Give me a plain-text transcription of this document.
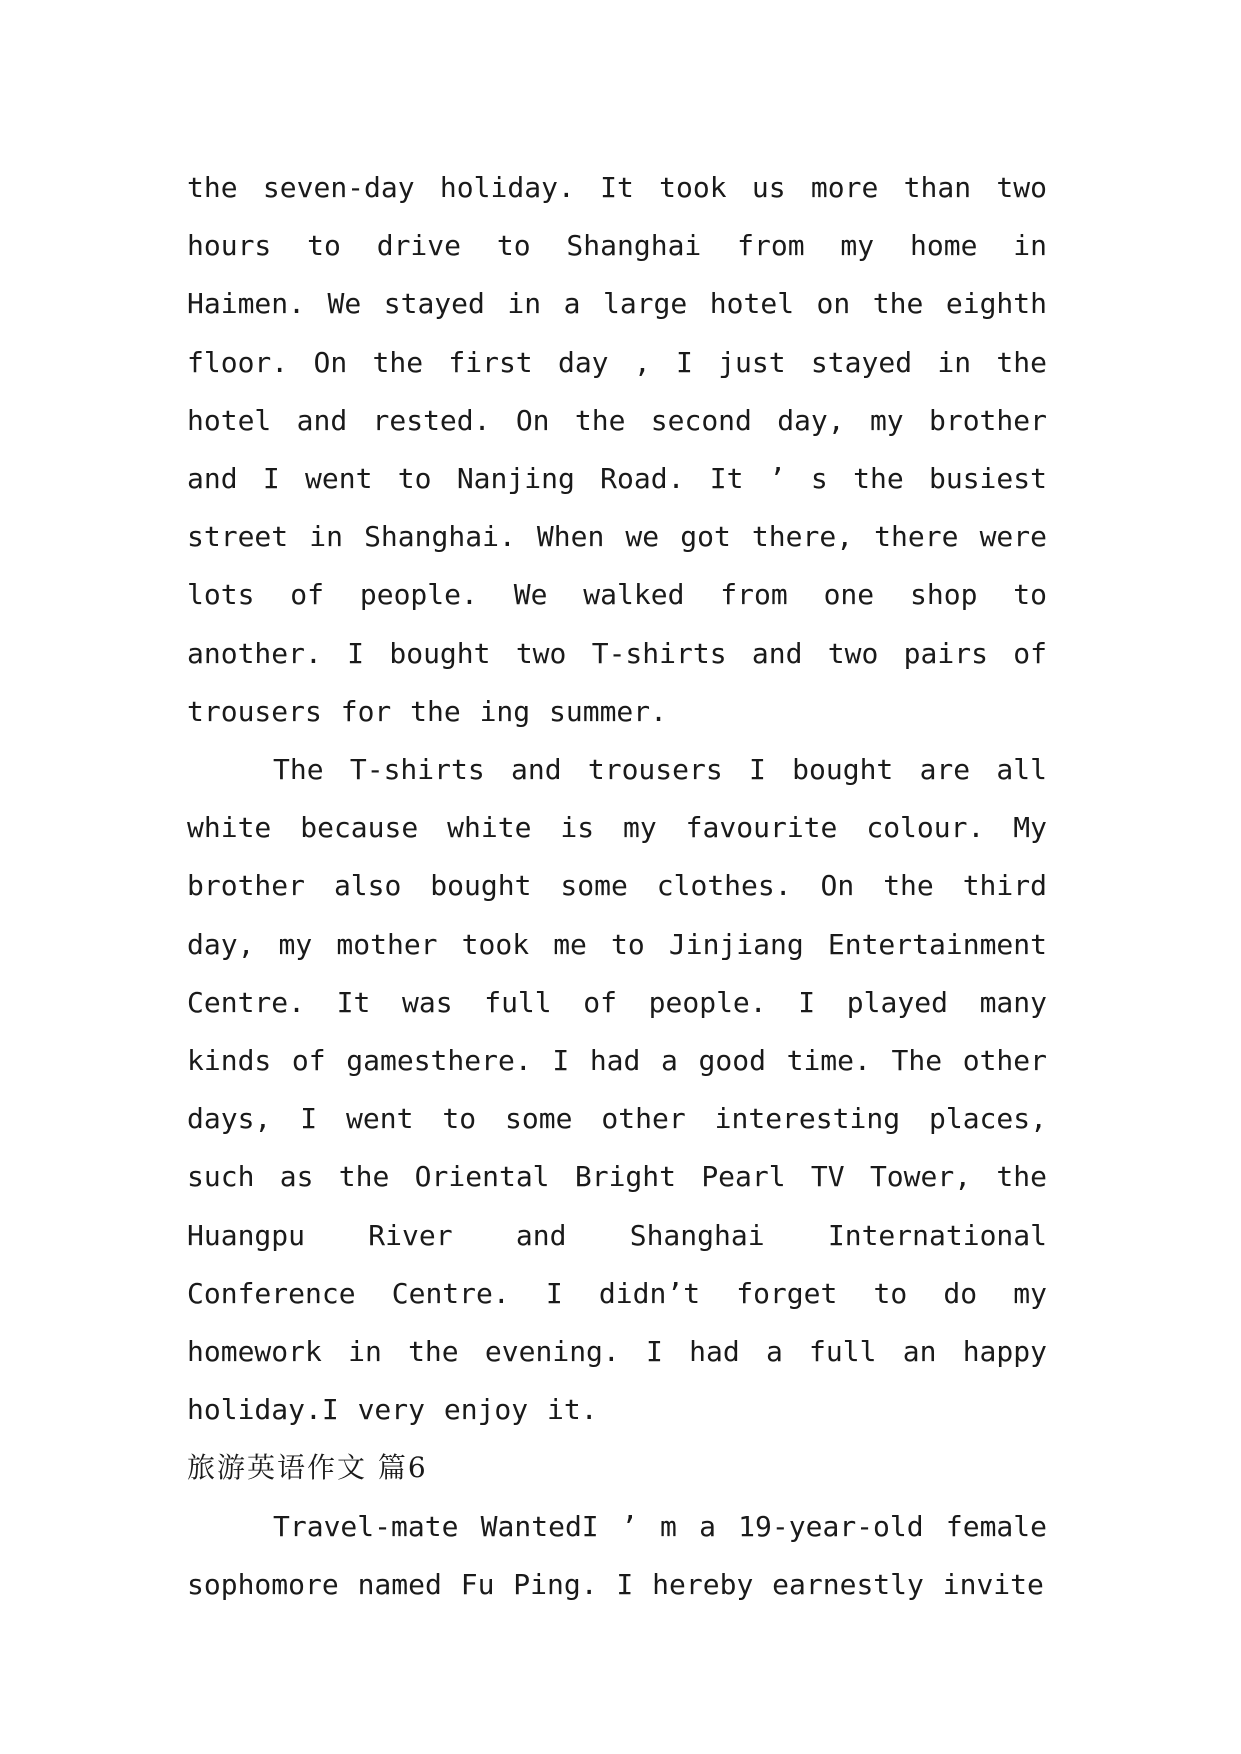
the seven-day holiday. It took us more than two hours to drive to Shanghai from my home in Haimen. We stayed in a large hotel on the eighth floor. On the first day , I just stayed in the hotel and rested. On the second day, my brother and I went to Nanjing Road. It ’ s the busiest street in Shanghai. When we got there, there were lots of people. We walked from one shop to another. I bought two T-shirts and two pairs of trousers for the ing summer.

The T-shirts and trousers I bought are all white because white is my favourite colour. My brother also bought some clothes. On the third day, my mother took me to Jinjiang Entertainment Centre. It was full of people. I played many kinds of gamesthere. I had a good time. The other days, I went to some other interesting places, such as the Oriental Bright Pearl TV Tower, the Huangpu River and Shanghai International Conference Centre. I didn’t forget to do my homework in the evening. I had a full an happy holiday.I very enjoy it.

旅游英语作文 篇6

Travel-mate WantedI ’ m a 19-year-old female sophomore named Fu Ping. I hereby earnestly invite
